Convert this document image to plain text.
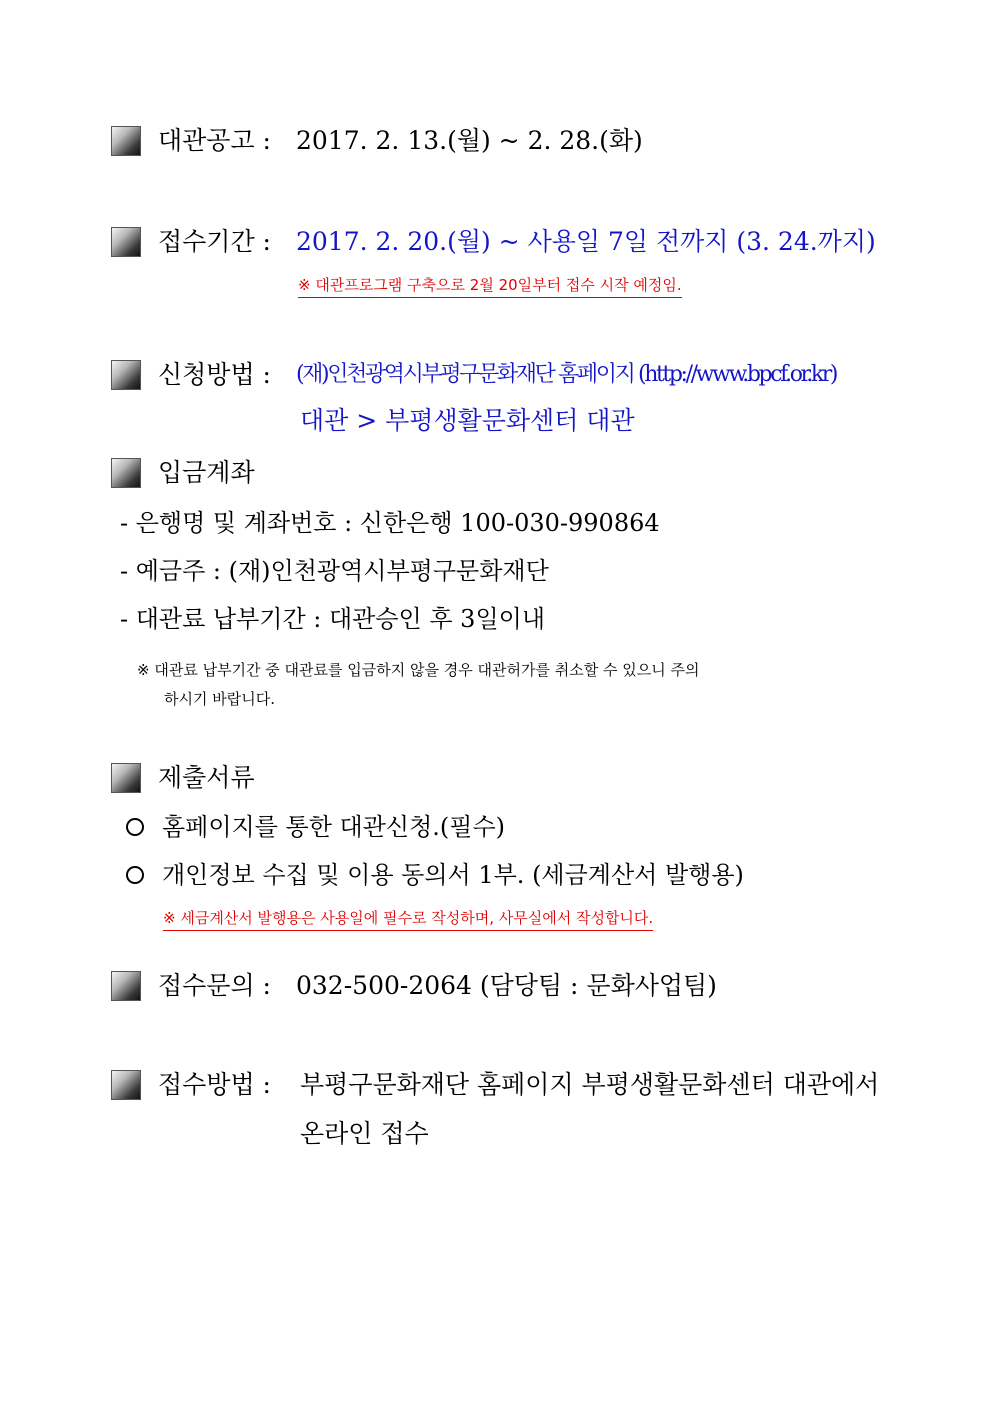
대관공고 : 2017. 2. 13.(월) ~ 2. 28.(화)
접수기간 : 2017. 2. 20.(월) ~ 사용일 7일 전까지 (3. 24.까지)
※ 대관프로그램 구축으로 2월 20일부터 접수 시작 예정임.
신청방법 : (재)인천광역시부평구문화재단 홈페이지 (http://www.bpcf.or.kr)
대관 > 부평생활문화센터 대관
입금계좌
- 은행명 및 계좌번호 : 신한은행 100-030-990864
- 예금주 : (재)인천광역시부평구문화재단
- 대관료 납부기간 : 대관승인 후 3일이내
※ 대관료 납부기간 중 대관료를 입금하지 않을 경우 대관허가를 취소할 수 있으니 주의
하시기 바랍니다.
제출서류
홈페이지를 통한 대관신청.(필수)
개인정보 수집 및 이용 동의서 1부. (세금계산서 발행용)
※ 세금계산서 발행용은 사용일에 필수로 작성하며, 사무실에서 작성합니다.
접수문의 : 032-500-2064 (담당팀 : 문화사업팀)
접수방법 : 부평구문화재단 홈페이지 부평생활문화센터 대관에서
온라인 접수
